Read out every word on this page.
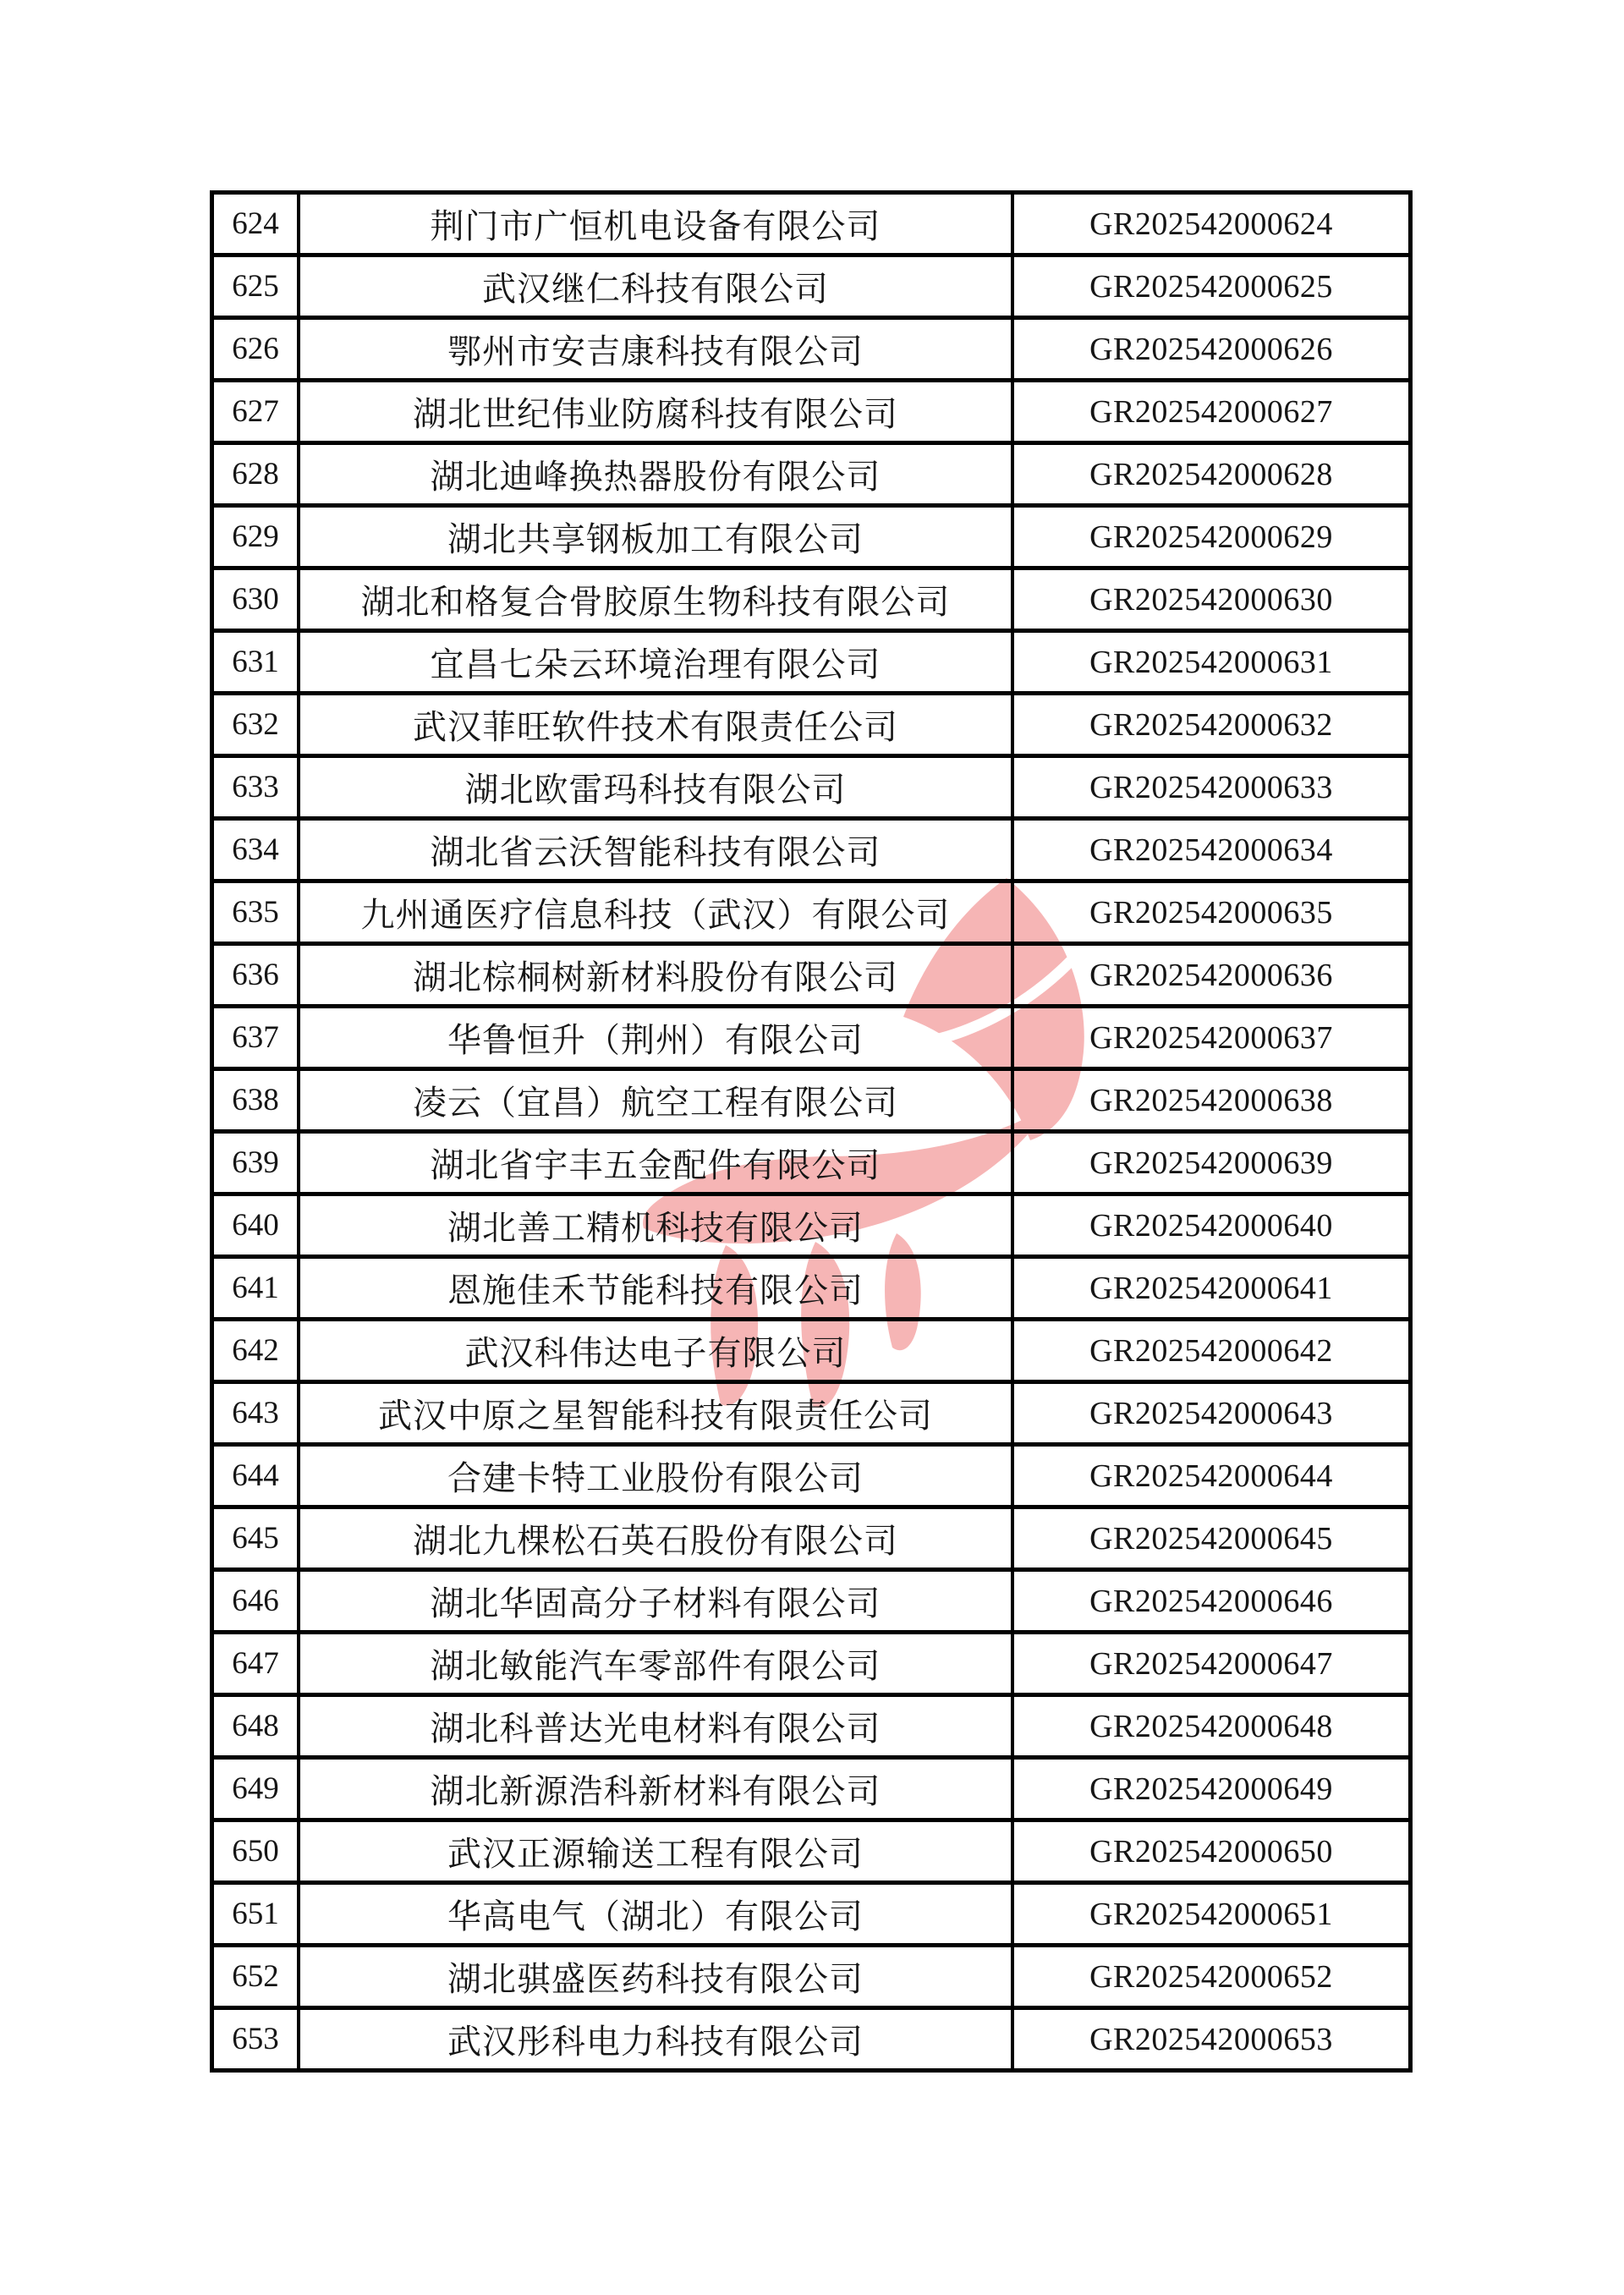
624	荆门市广恒机电设备有限公司	GR202542000624
625	武汉继仁科技有限公司	GR202542000625
626	鄂州市安吉康科技有限公司	GR202542000626
627	湖北世纪伟业防腐科技有限公司	GR202542000627
628	湖北迪峰换热器股份有限公司	GR202542000628
629	湖北共享钢板加工有限公司	GR202542000629
630	湖北和格复合骨胶原生物科技有限公司	GR202542000630
631	宜昌七朵云环境治理有限公司	GR202542000631
632	武汉菲旺软件技术有限责任公司	GR202542000632
633	湖北欧雷玛科技有限公司	GR202542000633
634	湖北省云沃智能科技有限公司	GR202542000634
635	九州通医疗信息科技（武汉）有限公司	GR202542000635
636	湖北棕桐树新材料股份有限公司	GR202542000636
637	华鲁恒升（荆州）有限公司	GR202542000637
638	凌云（宜昌）航空工程有限公司	GR202542000638
639	湖北省宇丰五金配件有限公司	GR202542000639
640	湖北善工精机科技有限公司	GR202542000640
641	恩施佳禾节能科技有限公司	GR202542000641
642	武汉科伟达电子有限公司	GR202542000642
643	武汉中原之星智能科技有限责任公司	GR202542000643
644	合建卡特工业股份有限公司	GR202542000644
645	湖北九棵松石英石股份有限公司	GR202542000645
646	湖北华固高分子材料有限公司	GR202542000646
647	湖北敏能汽车零部件有限公司	GR202542000647
648	湖北科普达光电材料有限公司	GR202542000648
649	湖北新源浩科新材料有限公司	GR202542000649
650	武汉正源输送工程有限公司	GR202542000650
651	华高电气（湖北）有限公司	GR202542000651
652	湖北骐盛医药科技有限公司	GR202542000652
653	武汉彤科电力科技有限公司	GR202542000653
